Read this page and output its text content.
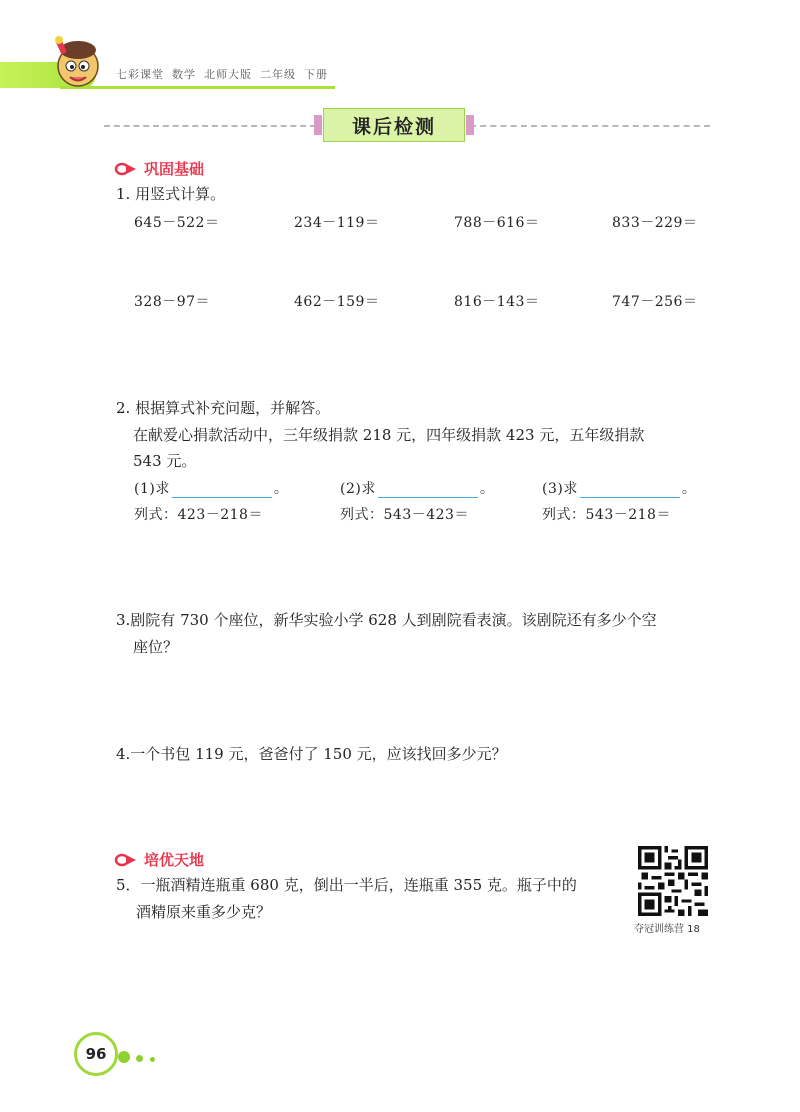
七彩课堂 数学 北师大版 二年级 下册
课后检测
巩固基础
1. 用竖式计算。
645－522＝	234－119＝	788－616＝	833－229＝
328－97＝	462－159＝	816－143＝	747－256＝
2. 根据算式补充问题，并解答。
在献爱心捐款活动中，三年级捐款 218 元，四年级捐款 423 元，五年级捐款
543 元。
(1)求	。	(2)求	。	(3)求	。
列式：423－218＝	列式：543－423＝	列式：543－218＝
3.剧院有 730 个座位，新华实验小学 628 人到剧院看表演。该剧院还有多少个空
座位？
4.一个书包 119 元，爸爸付了 150 元，应该找回多少元？
培优天地
5．一瓶酒精连瓶重 680 克，倒出一半后，连瓶重 355 克。瓶子中的
酒精原来重多少克？
夺冠训练营 18
96
